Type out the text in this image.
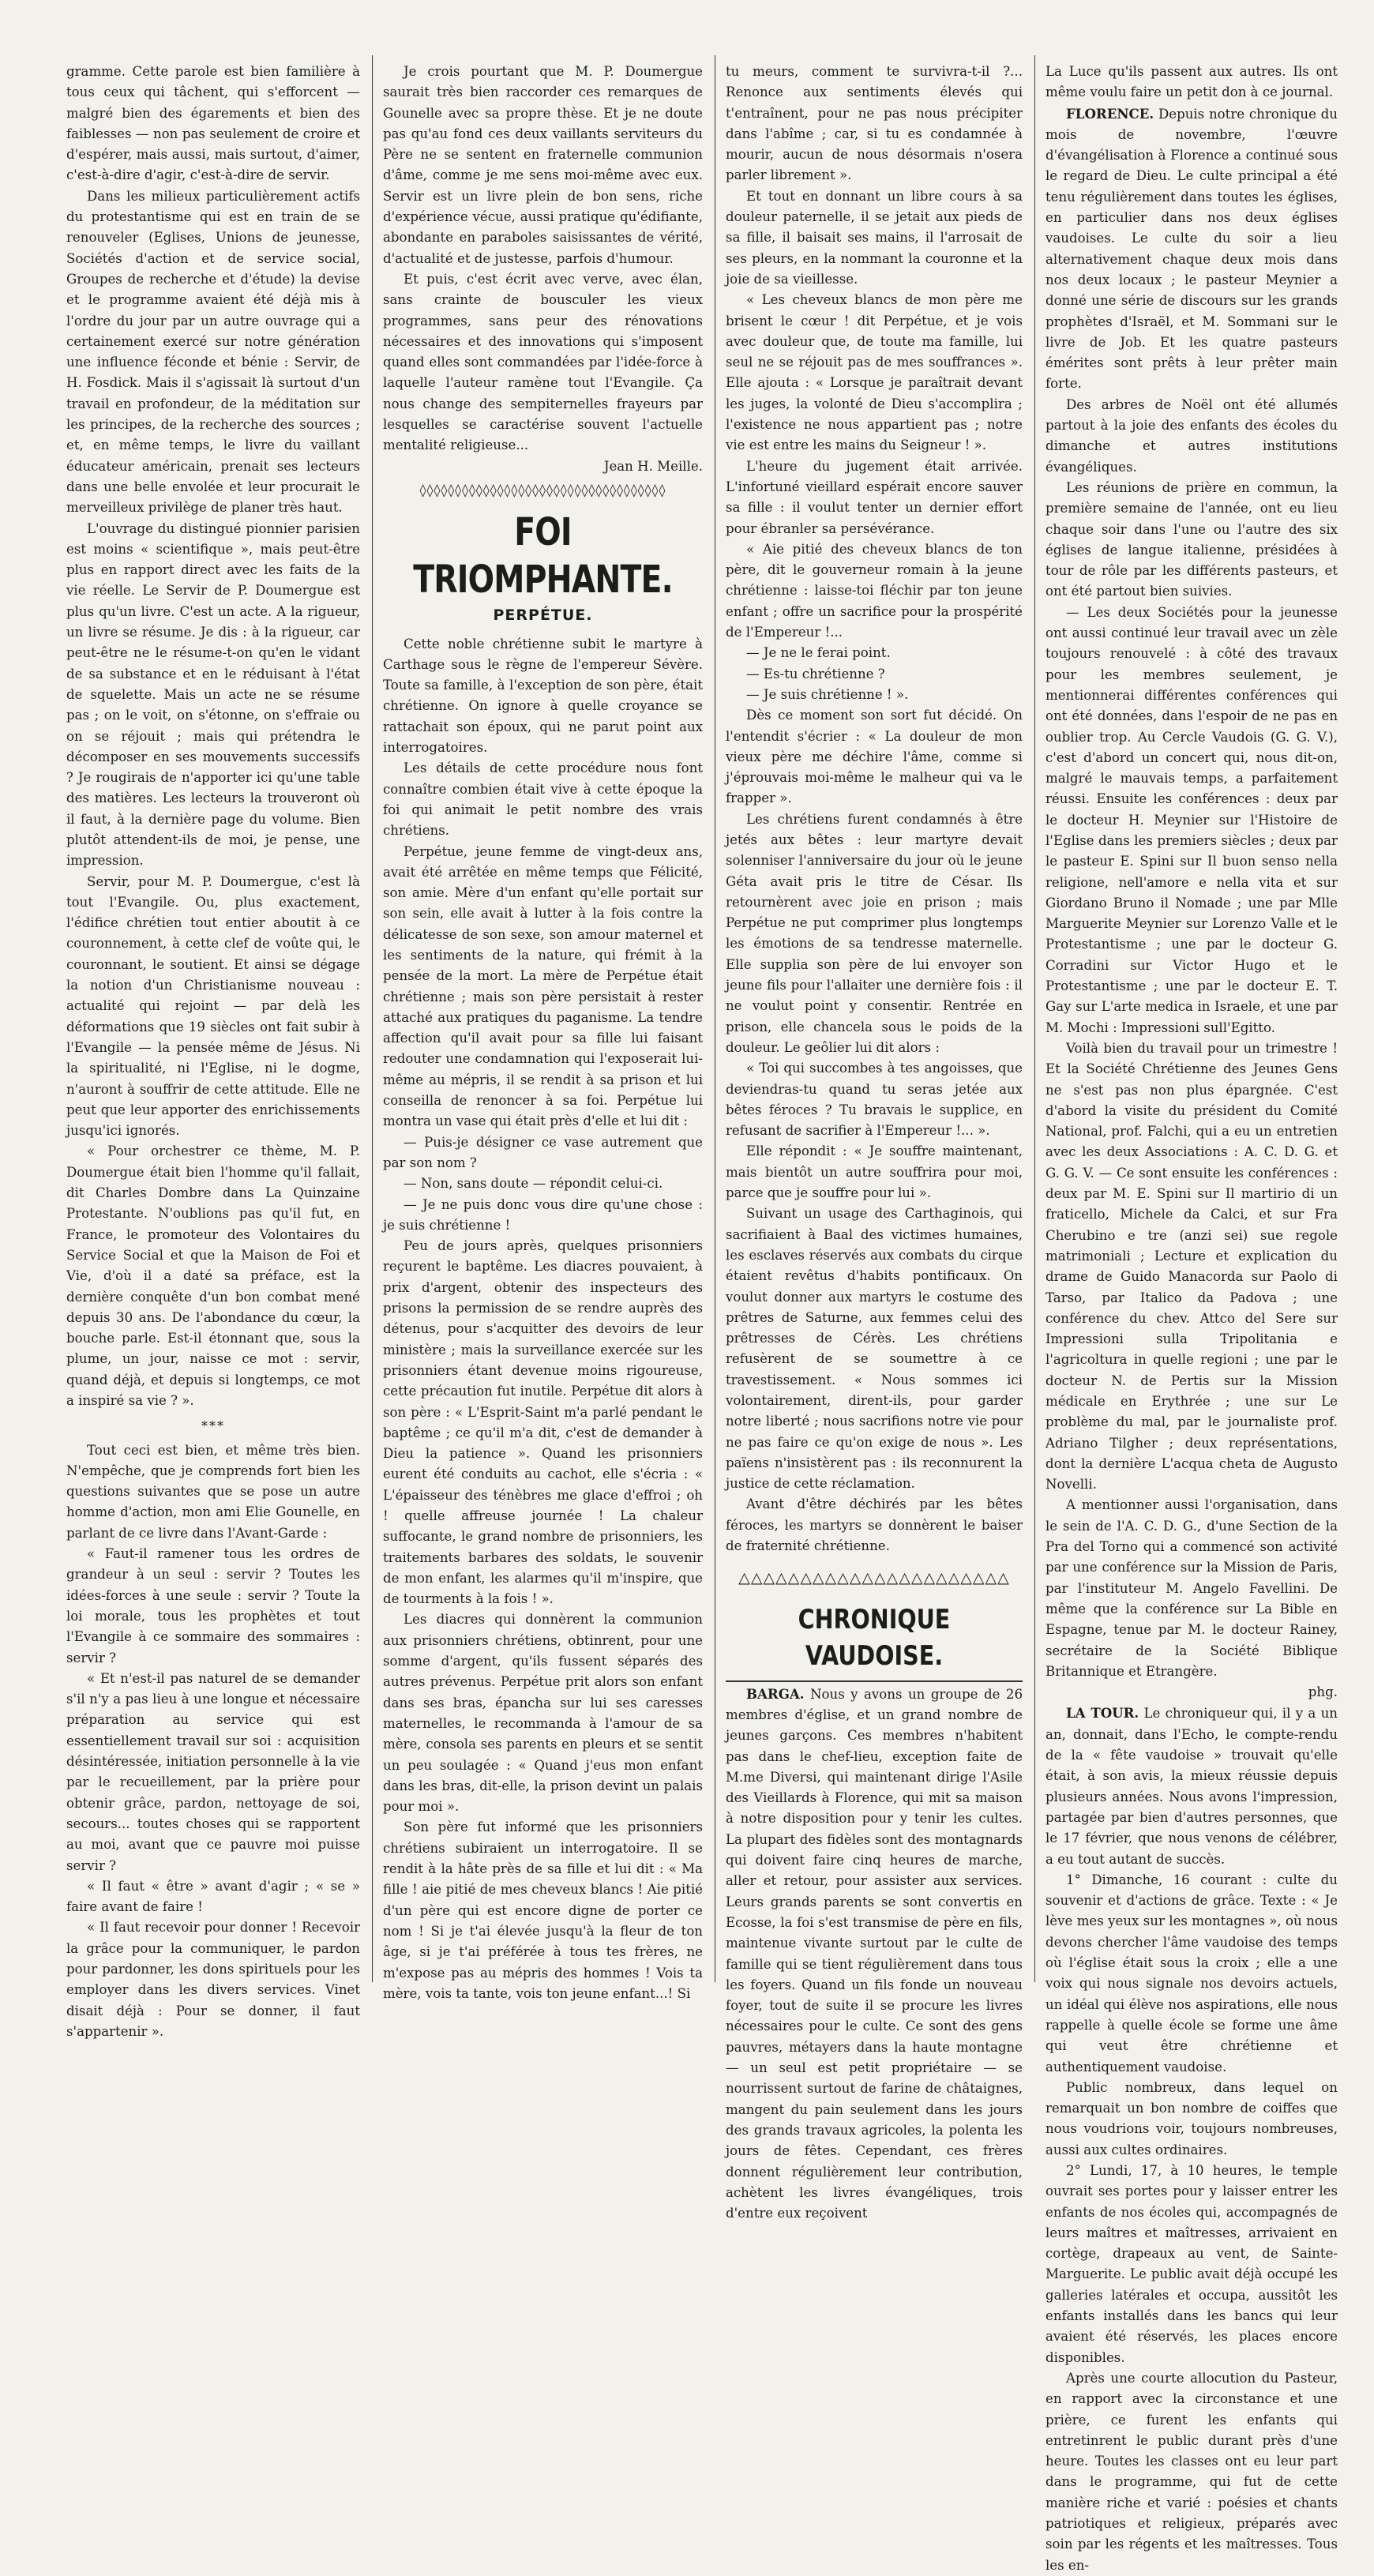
gramme. Cette parole est bien familière à tous ceux qui tâchent, qui s'efforcent — malgré bien des égarements et bien des faiblesses — non pas seulement de croire et d'espérer, mais aussi, mais surtout, d'aimer, c'est-à-dire d'agir, c'est-à-dire de servir.

Dans les milieux particulièrement actifs du protestantisme qui est en train de se renouveler (Eglises, Unions de jeunesse, Sociétés d'action et de service social, Groupes de recherche et d'étude) la devise et le programme avaient été déjà mis à l'ordre du jour par un autre ouvrage qui a certainement exercé sur notre génération une influence féconde et bénie : Servir, de H. Fosdick. Mais il s'agissait là surtout d'un travail en profondeur, de la méditation sur les principes, de la recherche des sources ; et, en même temps, le livre du vaillant éducateur américain, prenait ses lecteurs dans une belle envolée et leur procurait le merveilleux privilège de planer très haut.

L'ouvrage du distingué pionnier parisien est moins « scientifique », mais peut-être plus en rapport direct avec les faits de la vie réelle. Le Servir de P. Doumergue est plus qu'un livre. C'est un acte. A la rigueur, un livre se résume. Je dis : à la rigueur, car peut-être ne le résume-t-on qu'en le vidant de sa substance et en le réduisant à l'état de squelette. Mais un acte ne se résume pas ; on le voit, on s'étonne, on s'effraie ou on se réjouit ; mais qui prétendra le décomposer en ses mouvements successifs ? Je rougirais de n'apporter ici qu'une table des matières. Les lecteurs la trouveront où il faut, à la dernière page du volume. Bien plutôt attendent-ils de moi, je pense, une impression.

Servir, pour M. P. Doumergue, c'est là tout l'Evangile. Ou, plus exactement, l'édifice chrétien tout entier aboutit à ce couronnement, à cette clef de voûte qui, le couronnant, le soutient. Et ainsi se dégage la notion d'un Christianisme nouveau : actualité qui rejoint — par delà les déformations que 19 siècles ont fait subir à l'Evangile — la pensée même de Jésus. Ni la spiritualité, ni l'Eglise, ni le dogme, n'auront à souffrir de cette attitude. Elle ne peut que leur apporter des enrichissements jusqu'ici ignorés.

« Pour orchestrer ce thème, M. P. Doumergue était bien l'homme qu'il fallait, dit Charles Dombre dans La Quinzaine Protestante. N'oublions pas qu'il fut, en France, le promoteur des Volontaires du Service Social et que la Maison de Foi et Vie, d'où il a daté sa préface, est la dernière conquête d'un bon combat mené depuis 30 ans. De l'abondance du cœur, la bouche parle. Est-il étonnant que, sous la plume, un jour, naisse ce mot : servir, quand déjà, et depuis si longtemps, ce mot a inspiré sa vie ? ».

***

Tout ceci est bien, et même très bien. N'empêche, que je comprends fort bien les questions suivantes que se pose un autre homme d'action, mon ami Elie Gounelle, en parlant de ce livre dans l'Avant-Garde :

« Faut-il ramener tous les ordres de grandeur à un seul : servir ? Toutes les idées-forces à une seule : servir ? Toute la loi morale, tous les prophètes et tout l'Evangile à ce sommaire des sommaires : servir ?

« Et n'est-il pas naturel de se demander s'il n'y a pas lieu à une longue et nécessaire préparation au service qui est essentiellement travail sur soi : acquisition désintéressée, initiation personnelle à la vie par le recueillement, par la prière pour obtenir grâce, pardon, nettoyage de soi, secours... toutes choses qui se rapportent au moi, avant que ce pauvre moi puisse servir ?

« Il faut « être » avant d'agir ; « se » faire avant de faire !

« Il faut recevoir pour donner ! Recevoir la grâce pour la communiquer, le pardon pour pardonner, les dons spirituels pour les employer dans les divers services. Vinet disait déjà : Pour se donner, il faut s'appartenir ».

Je crois pourtant que M. P. Doumergue saurait très bien raccorder ces remarques de Gounelle avec sa propre thèse. Et je ne doute pas qu'au fond ces deux vaillants serviteurs du Père ne se sentent en fraternelle communion d'âme, comme je me sens moi-même avec eux. Servir est un livre plein de bon sens, riche d'expérience vécue, aussi pratique qu'édifiante, abondante en paraboles saisissantes de vérité, d'actualité et de justesse, parfois d'humour.

Et puis, c'est écrit avec verve, avec élan, sans crainte de bousculer les vieux programmes, sans peur des rénovations nécessaires et des innovations qui s'imposent quand elles sont commandées par l'idée-force à laquelle l'auteur ramène tout l'Evangile. Ça nous change des sempiternelles frayeurs par lesquelles se caractérise souvent l'actuelle mentalité religieuse...

Jean H. Meille.

◊◊◊◊◊◊◊◊◊◊◊◊◊◊◊◊◊◊◊◊◊◊◊◊◊◊◊◊◊◊◊◊◊◊◊
FOI TRIOMPHANTE.
PERPÉTUE.

Cette noble chrétienne subit le martyre à Carthage sous le règne de l'empereur Sévère. Toute sa famille, à l'exception de son père, était chrétienne. On ignore à quelle croyance se rattachait son époux, qui ne parut point aux interrogatoires.

Les détails de cette procédure nous font connaître combien était vive à cette époque la foi qui animait le petit nombre des vrais chrétiens.

Perpétue, jeune femme de vingt-deux ans, avait été arrêtée en même temps que Félicité, son amie. Mère d'un enfant qu'elle portait sur son sein, elle avait à lutter à la fois contre la délicatesse de son sexe, son amour maternel et les sentiments de la nature, qui frémit à la pensée de la mort. La mère de Perpétue était chrétienne ; mais son père persistait à rester attaché aux pratiques du paganisme. La tendre affection qu'il avait pour sa fille lui faisant redouter une condamnation qui l'exposerait lui-même au mépris, il se rendit à sa prison et lui conseilla de renoncer à sa foi. Perpétue lui montra un vase qui était près d'elle et lui dit :

— Puis-je désigner ce vase autrement que par son nom ?

— Non, sans doute — répondit celui-ci.

— Je ne puis donc vous dire qu'une chose : je suis chrétienne !

Peu de jours après, quelques prisonniers reçurent le baptême. Les diacres pouvaient, à prix d'argent, obtenir des inspecteurs des prisons la permission de se rendre auprès des détenus, pour s'acquitter des devoirs de leur ministère ; mais la surveillance exercée sur les prisonniers étant devenue moins rigoureuse, cette précaution fut inutile. Perpétue dit alors à son père : « L'Esprit-Saint m'a parlé pendant le baptême ; ce qu'il m'a dit, c'est de demander à Dieu la patience ». Quand les prisonniers eurent été conduits au cachot, elle s'écria : « L'épaisseur des ténèbres me glace d'effroi ; oh ! quelle affreuse journée ! La chaleur suffocante, le grand nombre de prisonniers, les traitements barbares des soldats, le souvenir de mon enfant, les alarmes qu'il m'inspire, que de tourments à la fois ! ».

Les diacres qui donnèrent la communion aux prisonniers chrétiens, obtinrent, pour une somme d'argent, qu'ils fussent séparés des autres prévenus. Perpétue prit alors son enfant dans ses bras, épancha sur lui ses caresses maternelles, le recommanda à l'amour de sa mère, consola ses parents en pleurs et se sentit un peu soulagée : « Quand j'eus mon enfant dans les bras, dit-elle, la prison devint un palais pour moi ».

Son père fut informé que les prisonniers chrétiens subiraient un interrogatoire. Il se rendit à la hâte près de sa fille et lui dit : « Ma fille ! aie pitié de mes cheveux blancs ! Aie pitié d'un père qui est encore digne de porter ce nom ! Si je t'ai élevée jusqu'à la fleur de ton âge, si je t'ai préférée à tous tes frères, ne m'expose pas au mépris des hommes ! Vois ta mère, vois ta tante, vois ton jeune enfant...! Si

tu meurs, comment te survivra-t-il ?... Renonce aux sentiments élevés qui t'entraînent, pour ne pas nous précipiter dans l'abîme ; car, si tu es condamnée à mourir, aucun de nous désormais n'osera parler librement ».

Et tout en donnant un libre cours à sa douleur paternelle, il se jetait aux pieds de sa fille, il baisait ses mains, il l'arrosait de ses pleurs, en la nommant la couronne et la joie de sa vieillesse.

« Les cheveux blancs de mon père me brisent le cœur ! dit Perpétue, et je vois avec douleur que, de toute ma famille, lui seul ne se réjouit pas de mes souffrances ». Elle ajouta : « Lorsque je paraîtrait devant les juges, la volonté de Dieu s'accomplira ; l'existence ne nous appartient pas ; notre vie est entre les mains du Seigneur ! ».

L'heure du jugement était arrivée. L'infortuné vieillard espérait encore sauver sa fille : il voulut tenter un dernier effort pour ébranler sa persévérance.

« Aie pitié des cheveux blancs de ton père, dit le gouverneur romain à la jeune chrétienne : laisse-toi fléchir par ton jeune enfant ; offre un sacrifice pour la prospérité de l'Empereur !...

— Je ne le ferai point.

— Es-tu chrétienne ?

— Je suis chrétienne ! ».

Dès ce moment son sort fut décidé. On l'entendit s'écrier : « La douleur de mon vieux père me déchire l'âme, comme si j'éprouvais moi-même le malheur qui va le frapper ».

Les chrétiens furent condamnés à être jetés aux bêtes : leur martyre devait solenniser l'anniversaire du jour où le jeune Géta avait pris le titre de César. Ils retournèrent avec joie en prison ; mais Perpétue ne put comprimer plus longtemps les émotions de sa tendresse maternelle. Elle supplia son père de lui envoyer son jeune fils pour l'allaiter une dernière fois : il ne voulut point y consentir. Rentrée en prison, elle chancela sous le poids de la douleur. Le geôlier lui dit alors :

« Toi qui succombes à tes angoisses, que deviendras-tu quand tu seras jetée aux bêtes féroces ? Tu bravais le supplice, en refusant de sacrifier à l'Empereur !... ».

Elle répondit : « Je souffre maintenant, mais bientôt un autre souffrira pour moi, parce que je souffre pour lui ».

Suivant un usage des Carthaginois, qui sacrifiaient à Baal des victimes humaines, les esclaves réservés aux combats du cirque étaient revêtus d'habits pontificaux. On voulut donner aux martyrs le costume des prêtres de Saturne, aux femmes celui des prêtresses de Cérès. Les chrétiens refusèrent de se soumettre à ce travestissement. « Nous sommes ici volontairement, dirent-ils, pour garder notre liberté ; nous sacrifions notre vie pour ne pas faire ce qu'on exige de nous ». Les païens n'insistèrent pas : ils reconnurent la justice de cette réclamation.

Avant d'être déchirés par les bêtes féroces, les martyrs se donnèrent le baiser de fraternité chrétienne.

△△△△△△△△△△△△△△△△△△△△△△
CHRONIQUE VAUDOISE.

BARGA. Nous y avons un groupe de 26 membres d'église, et un grand nombre de jeunes garçons. Ces membres n'habitent pas dans le chef-lieu, exception faite de M.me Diversi, qui maintenant dirige l'Asile des Vieillards à Florence, qui mit sa maison à notre disposition pour y tenir les cultes. La plupart des fidèles sont des montagnards qui doivent faire cinq heures de marche, aller et retour, pour assister aux services. Leurs grands parents se sont convertis en Ecosse, la foi s'est transmise de père en fils, maintenue vivante surtout par le culte de famille qui se tient régulièrement dans tous les foyers. Quand un fils fonde un nouveau foyer, tout de suite il se procure les livres nécessaires pour le culte. Ce sont des gens pauvres, métayers dans la haute montagne — un seul est petit propriétaire — se nourrissent surtout de farine de châtaignes, mangent du pain seulement dans les jours des grands travaux agricoles, la polenta les jours de fêtes. Cependant, ces frères donnent régulièrement leur contribution, achètent les livres évangéliques, trois d'entre eux reçoivent

La Luce qu'ils passent aux autres. Ils ont même voulu faire un petit don à ce journal.

FLORENCE. Depuis notre chronique du mois de novembre, l'œuvre d'évangélisation à Florence a continué sous le regard de Dieu. Le culte principal a été tenu régulièrement dans toutes les églises, en particulier dans nos deux églises vaudoises. Le culte du soir a lieu alternativement chaque deux mois dans nos deux locaux ; le pasteur Meynier a donné une série de discours sur les grands prophètes d'Israël, et M. Sommani sur le livre de Job. Et les quatre pasteurs émérites sont prêts à leur prêter main forte.

Des arbres de Noël ont été allumés partout à la joie des enfants des écoles du dimanche et autres institutions évangéliques.

Les réunions de prière en commun, la première semaine de l'année, ont eu lieu chaque soir dans l'une ou l'autre des six églises de langue italienne, présidées à tour de rôle par les différents pasteurs, et ont été partout bien suivies.

— Les deux Sociétés pour la jeunesse ont aussi continué leur travail avec un zèle toujours renouvelé : à côté des travaux pour les membres seulement, je mentionnerai différentes conférences qui ont été données, dans l'espoir de ne pas en oublier trop. Au Cercle Vaudois (G. G. V.), c'est d'abord un concert qui, nous dit-on, malgré le mauvais temps, a parfaitement réussi. Ensuite les conférences : deux par le docteur H. Meynier sur l'Histoire de l'Eglise dans les premiers siècles ; deux par le pasteur E. Spini sur Il buon senso nella religione, nell'amore e nella vita et sur Giordano Bruno il Nomade ; une par Mlle Marguerite Meynier sur Lorenzo Valle et le Protestantisme ; une par le docteur G. Corradini sur Victor Hugo et le Protestantisme ; une par le docteur E. T. Gay sur L'arte medica in Israele, et une par M. Mochi : Impressioni sull'Egitto.

Voilà bien du travail pour un trimestre ! Et la Société Chrétienne des Jeunes Gens ne s'est pas non plus épargnée. C'est d'abord la visite du président du Comité National, prof. Falchi, qui a eu un entretien avec les deux Associations : A. C. D. G. et G. G. V. — Ce sont ensuite les conférences : deux par M. E. Spini sur Il martirio di un fraticello, Michele da Calci, et sur Fra Cherubino e tre (anzi sei) sue regole matrimoniali ; Lecture et explication du drame de Guido Manacorda sur Paolo di Tarso, par Italico da Padova ; une conférence du chev. Attco del Sere sur Impressioni sulla Tripolitania e l'agricoltura in quelle regioni ; une par le docteur N. de Pertis sur la Mission médicale en Erythrée ; une sur Le problème du mal, par le journaliste prof. Adriano Tilgher ; deux représentations, dont la dernière L'acqua cheta de Augusto Novelli.

A mentionner aussi l'organisation, dans le sein de l'A. C. D. G., d'une Section de la Pra del Torno qui a commencé son activité par une conférence sur la Mission de Paris, par l'instituteur M. Angelo Favellini. De même que la conférence sur La Bible en Espagne, tenue par M. le docteur Rainey, secrétaire de la Société Biblique Britannique et Etrangère.

phg.

LA TOUR. Le chroniqueur qui, il y a un an, donnait, dans l'Echo, le compte-rendu de la « fête vaudoise » trouvait qu'elle était, à son avis, la mieux réussie depuis plusieurs années. Nous avons l'impression, partagée par bien d'autres personnes, que le 17 février, que nous venons de célébrer, a eu tout autant de succès.

1° Dimanche, 16 courant : culte du souvenir et d'actions de grâce. Texte : « Je lève mes yeux sur les montagnes », où nous devons chercher l'âme vaudoise des temps où l'église était sous la croix ; elle a une voix qui nous signale nos devoirs actuels, un idéal qui élève nos aspirations, elle nous rappelle à quelle école se forme une âme qui veut être chrétienne et authentiquement vaudoise.

Public nombreux, dans lequel on remarquait un bon nombre de coiffes que nous voudrions voir, toujours nombreuses, aussi aux cultes ordinaires.

2° Lundi, 17, à 10 heures, le temple ouvrait ses portes pour y laisser entrer les enfants de nos écoles qui, accompagnés de leurs maîtres et maîtresses, arrivaient en cortège, drapeaux au vent, de Sainte-Marguerite. Le public avait déjà occupé les galleries latérales et occupa, aussitôt les enfants installés dans les bancs qui leur avaient été réservés, les places encore disponibles.

Après une courte allocution du Pasteur, en rapport avec la circonstance et une prière, ce furent les enfants qui entretinrent le public durant près d'une heure. Toutes les classes ont eu leur part dans le programme, qui fut de cette manière riche et varié : poésies et chants patriotiques et religieux, préparés avec soin par les régents et les maîtresses. Tous les en-
